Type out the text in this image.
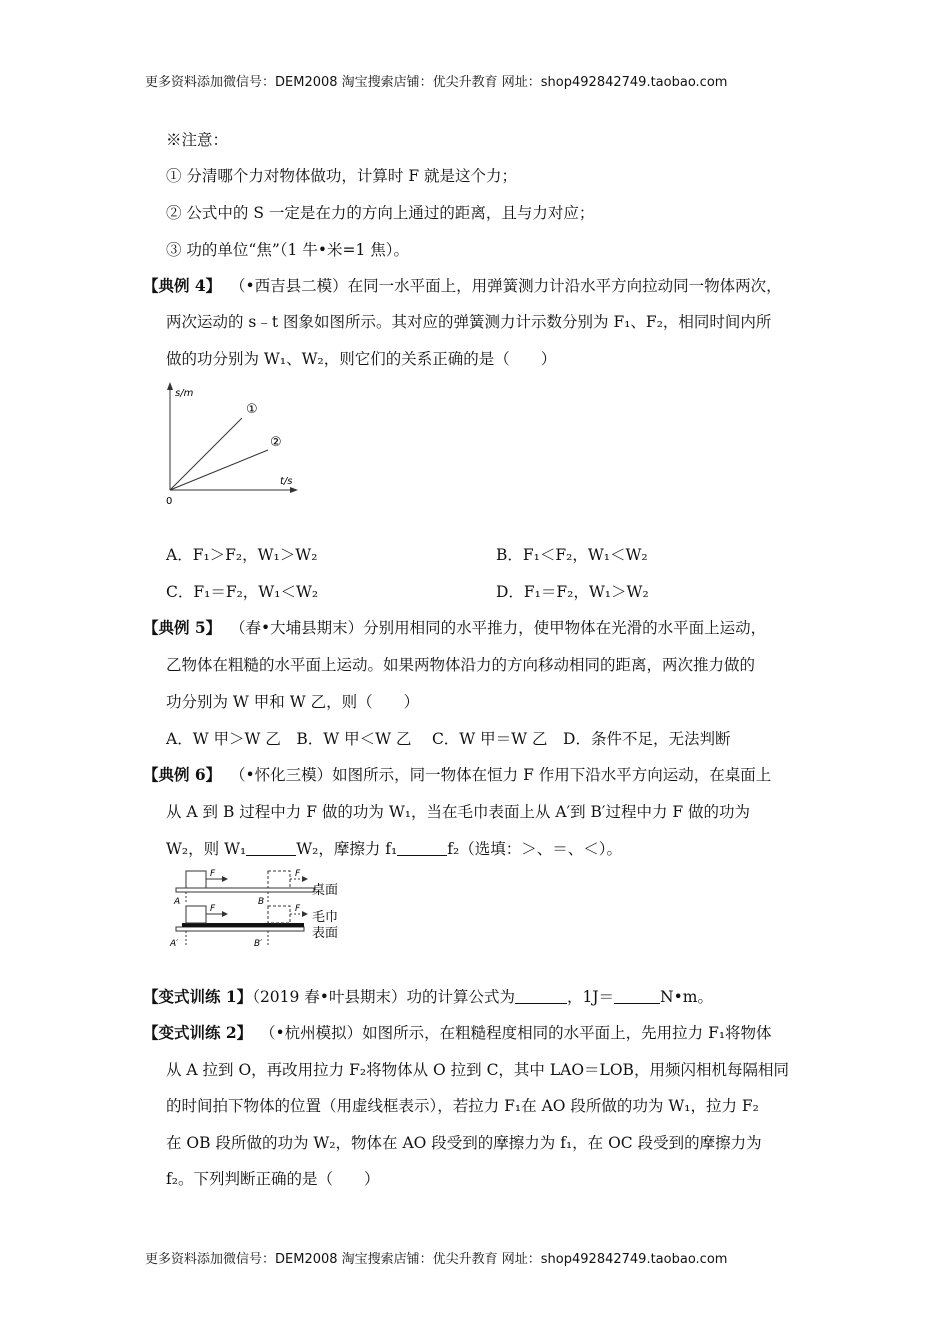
更多资料添加微信号：DEM2008 淘宝搜索店铺：优尖升教育 网址：shop492842749.taobao.com
更多资料添加微信号：DEM2008 淘宝搜索店铺：优尖升教育 网址：shop492842749.taobao.com
※注意：
① 分清哪个力对物体做功，计算时 F 就是这个力；
② 公式中的 S 一定是在力的方向上通过的距离，且与力对应；
③ 功的单位“焦”（1 牛•米=1 焦）。
【典例 4】 （•西吉县二模）在同一水平面上，用弹簧测力计沿水平方向拉动同一物体两次，
两次运动的 s﹣t 图象如图所示。其对应的弹簧测力计示数分别为 F₁、F₂，相同时间内所
做的功分别为 W₁、W₂，则它们的关系正确的是（　　）
s/m
t/s
0
①
②
A．F₁＞F₂，W₁＞W₂	B．F₁＜F₂，W₁＜W₂
C．F₁＝F₂，W₁＜W₂	D．F₁＝F₂，W₁＞W₂
【典例 5】 （春•大埔县期末）分别用相同的水平推力，使甲物体在光滑的水平面上运动，
乙物体在粗糙的水平面上运动。如果两物体沿力的方向移动相同的距离，两次推力做的
功分别为 W 甲和 W 乙，则（　　）
A．W 甲＞W 乙　B．W 甲＜W 乙　 C．W 甲＝W 乙　D．条件不足，无法判断
【典例 6】 （•怀化三模）如图所示，同一物体在恒力 F 作用下沿水平方向运动，在桌面上
从 A 到 B 过程中力 F 做的功为 W₁，当在毛巾表面上从 A′到 B′过程中力 F 做的功为
W₂，则 W₁	W₂，摩擦力 f₁	f₂（选填：＞、＝、＜）。
F	F
A	B
桌面
F	F
A′	B′
毛巾
表面
【变式训练 1】（2019 春•叶县期末）功的计算公式为	，1J＝	N•m。
【变式训练 2】 （•杭州模拟）如图所示，在粗糙程度相同的水平面上，先用拉力 F₁将物体
从 A 拉到 O，再改用拉力 F₂将物体从 O 拉到 C，其中 LAO＝LOB，用频闪相机每隔相同
的时间拍下物体的位置（用虚线框表示），若拉力 F₁在 AO 段所做的功为 W₁，拉力 F₂
在 OB 段所做的功为 W₂，物体在 AO 段受到的摩擦力为 f₁，在 OC 段受到的摩擦力为
f₂。下列判断正确的是（　　）
